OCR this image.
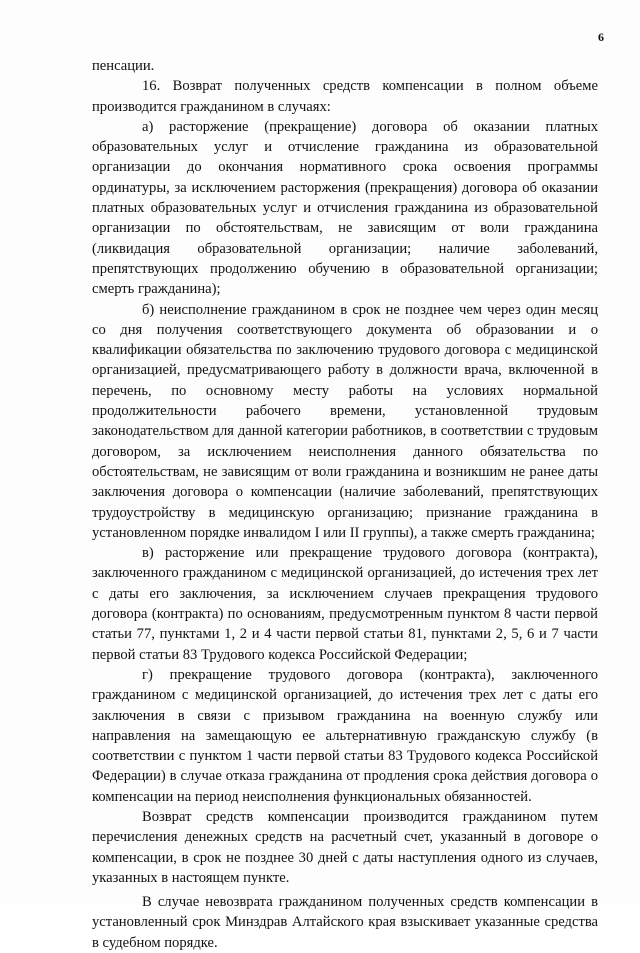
6

пенсации.

16. Возврат полученных средств компенсации в полном объеме производится гражданином в случаях:

а) расторжение (прекращение) договора об оказании платных образовательных услуг и отчисление гражданина из образовательной организации до окончания нормативного срока освоения программы ординатуры, за исключением расторжения (прекращения) договора об оказании платных образовательных услуг и отчисления гражданина из образовательной организации по обстоятельствам, не зависящим от воли гражданина (ликвидация образовательной организации; наличие заболеваний, препятствующих продолжению обучению в образовательной организации; смерть гражданина);

б) неисполнение гражданином в срок не позднее чем через один месяц со дня получения соответствующего документа об образовании и о квалификации обязательства по заключению трудового договора с медицинской организацией, предусматривающего работу в должности врача, включенной в перечень, по основному месту работы на условиях нормальной продолжительности рабочего времени, установленной трудовым законодательством для данной категории работников, в соответствии с трудовым договором, за исключением неисполнения данного обязательства по обстоятельствам, не зависящим от воли гражданина и возникшим не ранее даты заключения договора о компенсации (наличие заболеваний, препятствующих трудоустройству в медицинскую организацию; признание гражданина в установленном порядке инвалидом I или II группы), а также смерть гражданина;

в) расторжение или прекращение трудового договора (контракта), заключенного гражданином с медицинской организацией, до истечения трех лет с даты его заключения, за исключением случаев прекращения трудового договора (контракта) по основаниям, предусмотренным пунктом 8 части первой статьи 77, пунктами 1, 2 и 4 части первой статьи 81, пунктами 2, 5, 6 и 7 части первой статьи 83 Трудового кодекса Российской Федерации;

г) прекращение трудового договора (контракта), заключенного гражданином с медицинской организацией, до истечения трех лет с даты его заключения в связи с призывом гражданина на военную службу или направления на замещающую ее альтернативную гражданскую службу (в соответствии с пунктом 1 части первой статьи 83 Трудового кодекса Российской Федерации) в случае отказа гражданина от продления срока действия договора о компенсации на период неисполнения функциональных обязанностей.

Возврат средств компенсации производится гражданином путем перечисления денежных средств на расчетный счет, указанный в договоре о компенсации, в срок не позднее 30 дней с даты наступления одного из случаев, указанных в настоящем пункте.

В случае невозврата гражданином полученных средств компенсации в установленный срок Минздрав Алтайского края взыскивает указанные средства в судебном порядке.
